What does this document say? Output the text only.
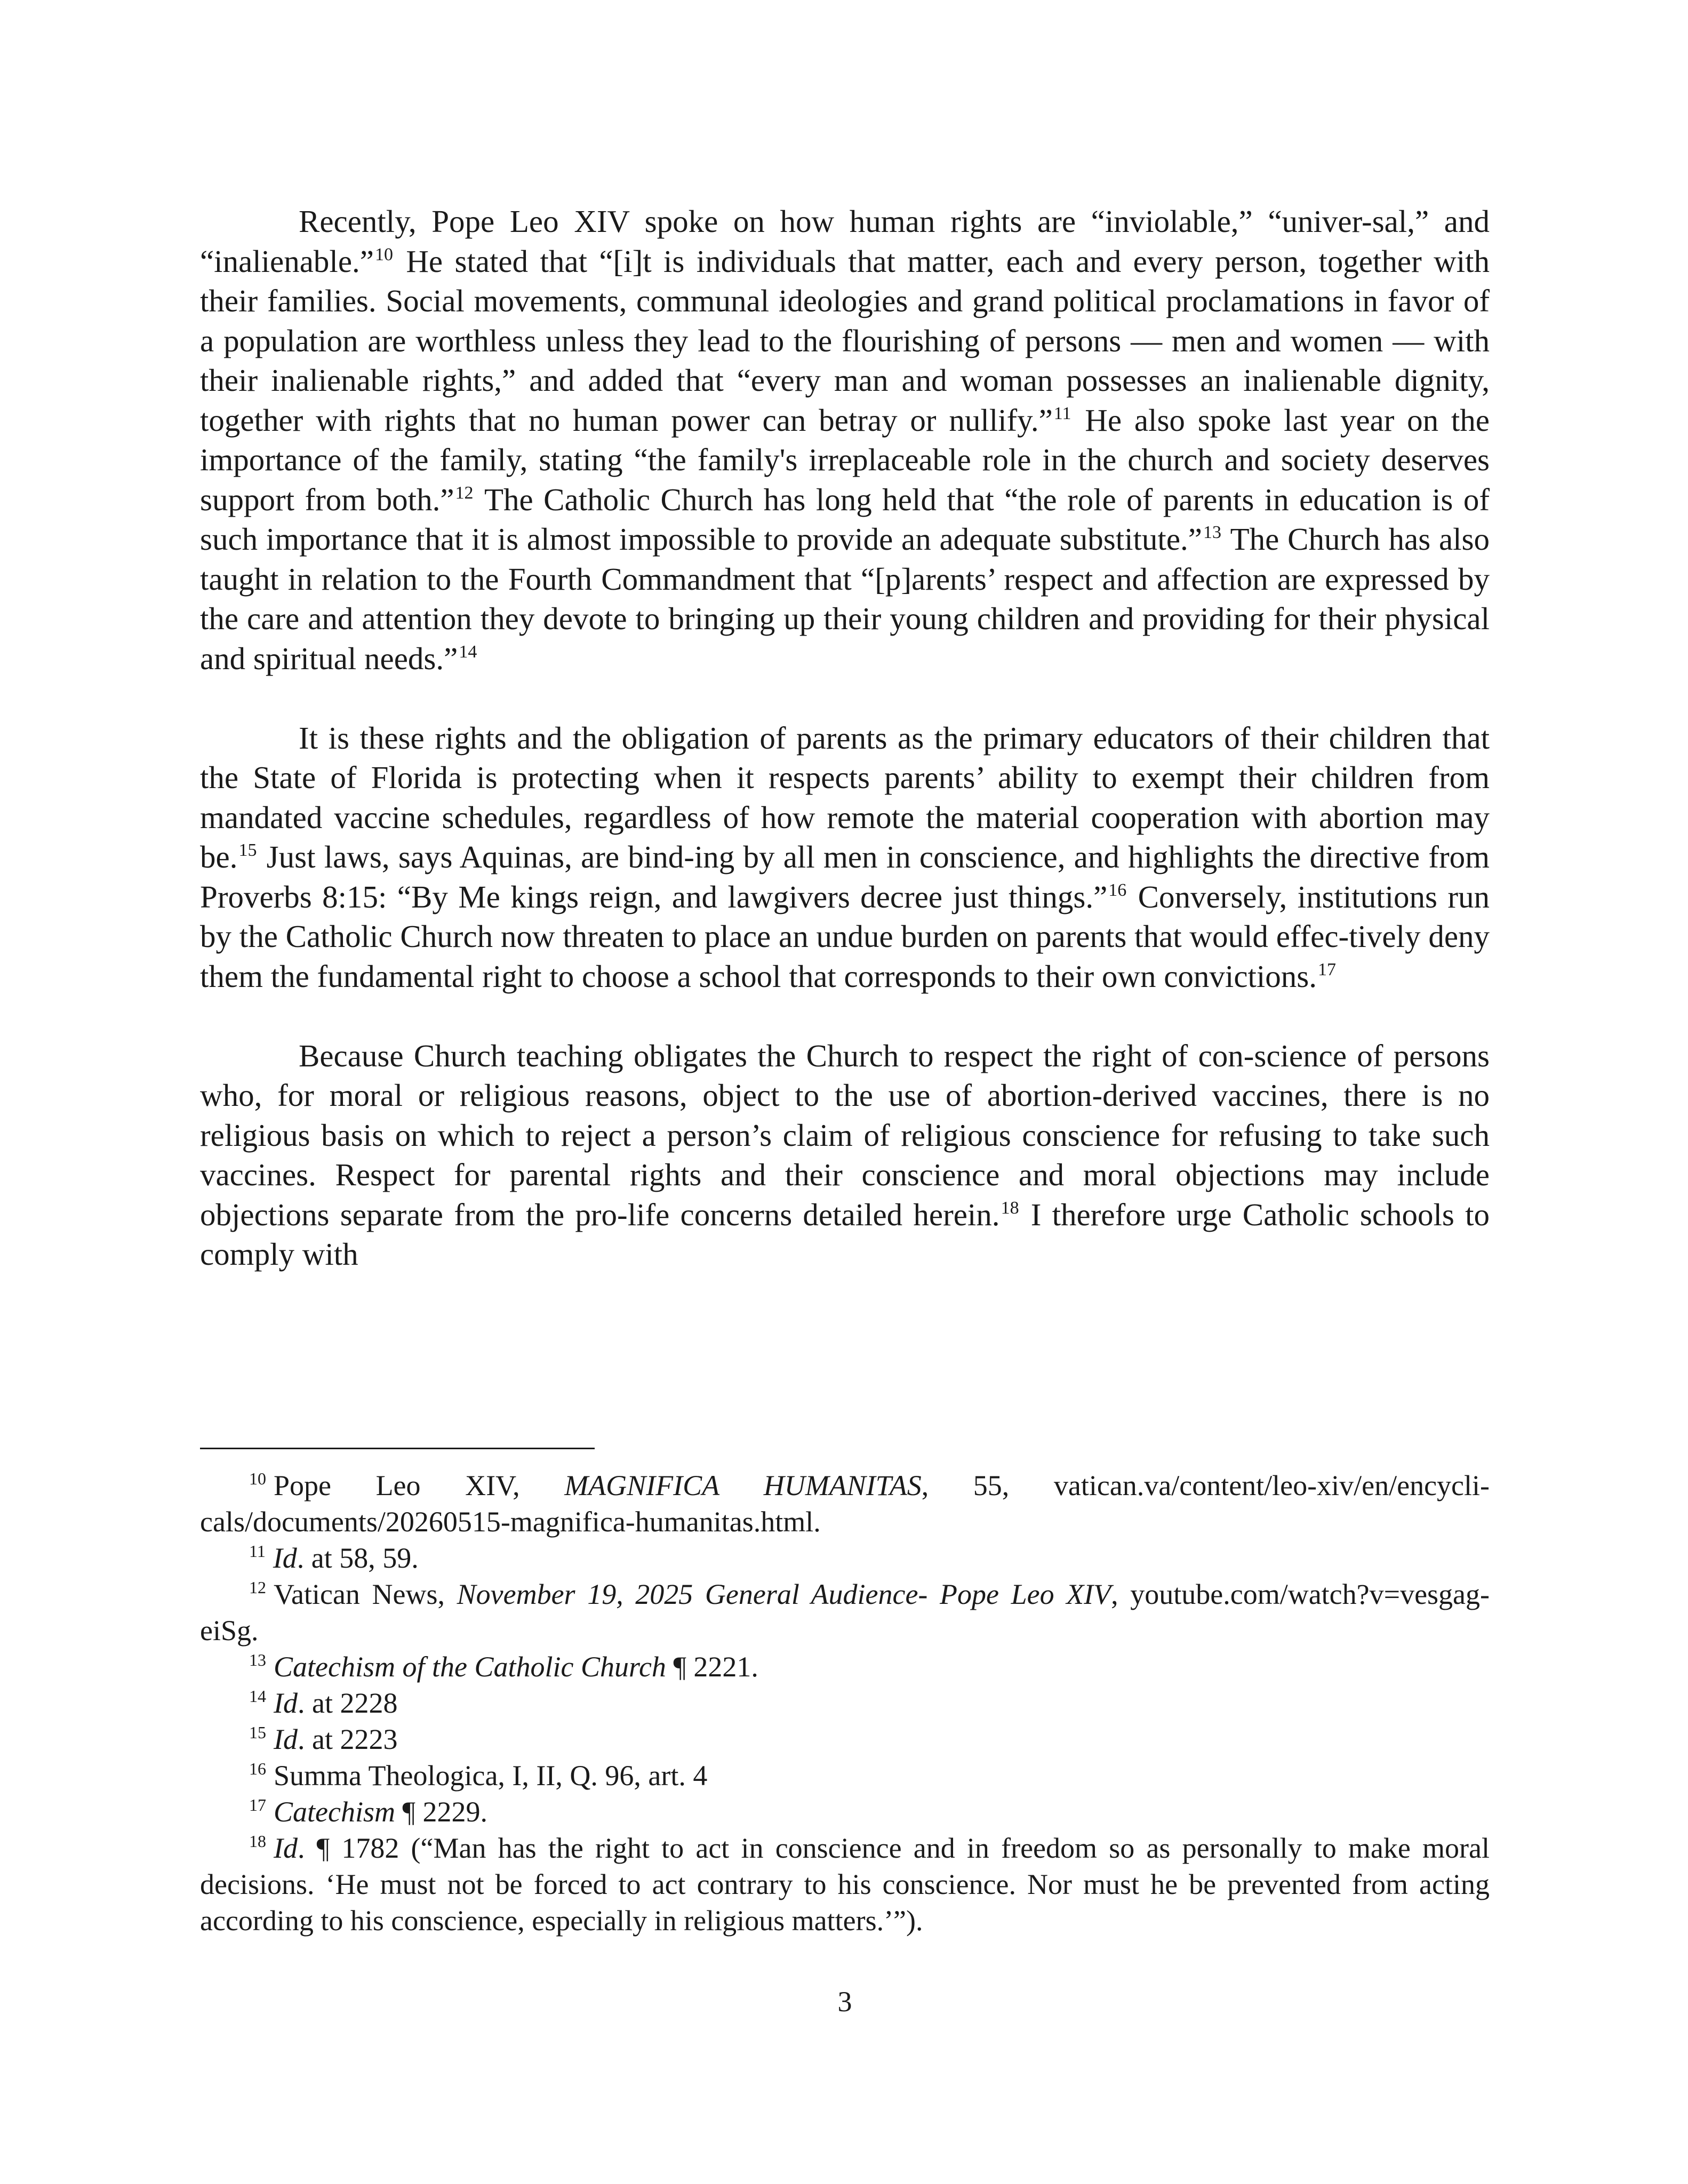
Recently, Pope Leo XIV spoke on how human rights are “inviolable,” “univer-sal,” and “inalienable.”$^{10}$ He stated that “[i]t is individuals that matter, each and every person, together with their families. Social movements, communal ideologies and grand political proclamations in favor of a population are worthless unless they lead to the flourishing of persons — men and women — with their inalienable rights,” and added that “every man and woman possesses an inalienable dignity, together with rights that no human power can betray or nullify.”$^{11}$ He also spoke last year on the importance of the family, stating “the family's irreplaceable role in the church and society deserves support from both.”$^{12}$ The Catholic Church has long held that “the role of parents in education is of such importance that it is almost impossible to provide an adequate substitute.”$^{13}$ The Church has also taught in relation to the Fourth Commandment that “[p]arents’ respect and affection are expressed by the care and attention they devote to bringing up their young children and providing for their physical and spiritual needs.”$^{14}$

It is these rights and the obligation of parents as the primary educators of their children that the State of Florida is protecting when it respects parents’ ability to exempt their children from mandated vaccine schedules, regardless of how remote the material cooperation with abortion may be.$^{15}$ Just laws, says Aquinas, are bind-ing by all men in conscience, and highlights the directive from Proverbs 8:15: “By Me kings reign, and lawgivers decree just things.”$^{16}$ Conversely, institutions run by the Catholic Church now threaten to place an undue burden on parents that would effec-tively deny them the fundamental right to choose a school that corresponds to their own convictions.$^{17}$

Because Church teaching obligates the Church to respect the right of con-science of persons who, for moral or religious reasons, object to the use of abortion-derived vaccines, there is no religious basis on which to reject a person’s claim of religious conscience for refusing to take such vaccines. Respect for parental rights and their conscience and moral objections may include objections separate from the pro-life concerns detailed herein.$^{18}$ I therefore urge Catholic schools to comply with

$^{10}$ Pope Leo XIV, MAGNIFICA HUMANITAS, 55, vatican.va/content/leo-xiv/en/encycli-cals/documents/20260515-magnifica-humanitas.html.

$^{11}$ Id. at 58, 59.

$^{12}$ Vatican News, November 19, 2025 General Audience- Pope Leo XIV, youtube.com/watch?v=vesgag-eiSg.

$^{13}$ Catechism of the Catholic Church ¶ 2221.

$^{14}$ Id. at 2228

$^{15}$ Id. at 2223

$^{16}$ Summa Theologica, I, II, Q. 96, art. 4

$^{17}$ Catechism ¶ 2229.

$^{18}$ Id. ¶ 1782 (“Man has the right to act in conscience and in freedom so as personally to make moral decisions. ‘He must not be forced to act contrary to his conscience. Nor must he be prevented from acting according to his conscience, especially in religious matters.’”).

3
